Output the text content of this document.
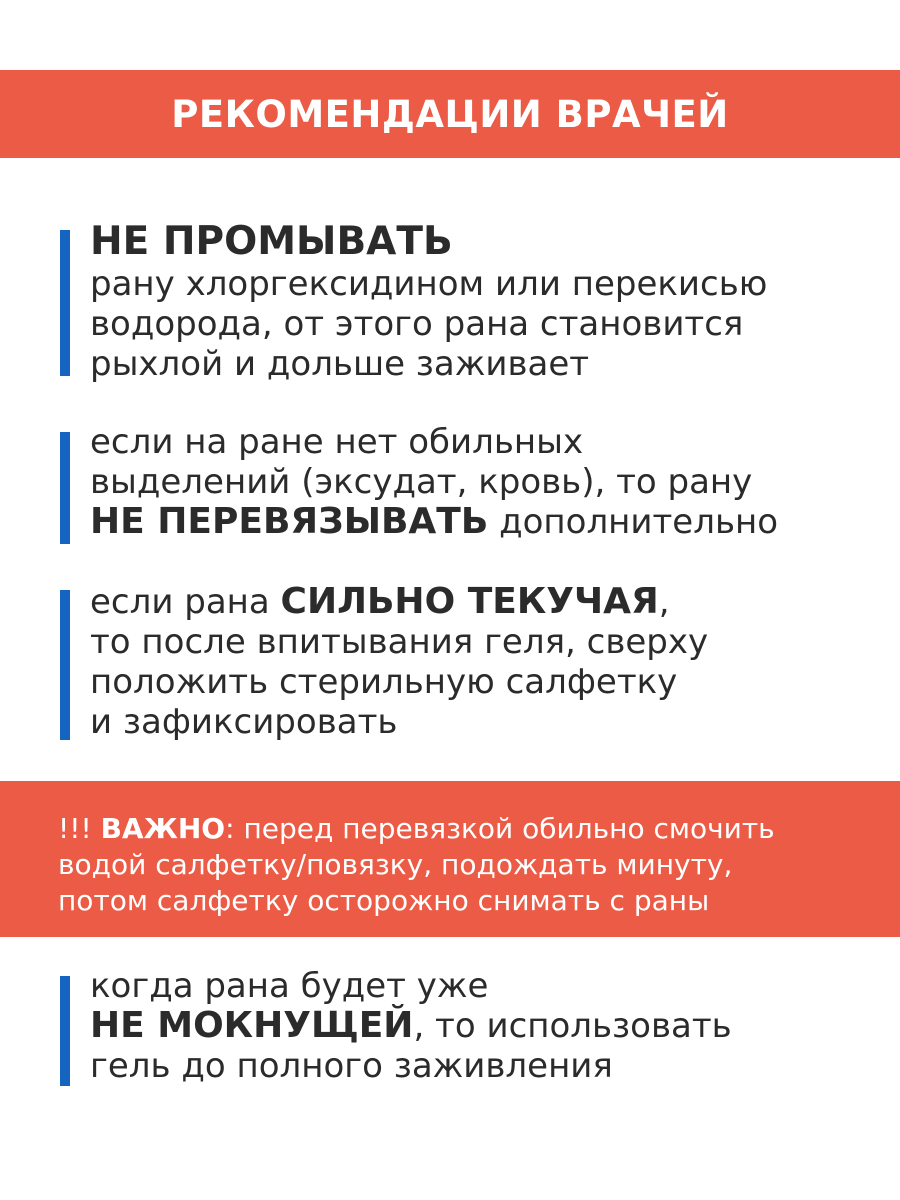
РЕКОМЕНДАЦИИ ВРАЧЕЙ
НЕ ПРОМЫВАТЬ
рану хлоргексидином или перекисью
водорода, от этого рана становится
рыхлой и дольше заживает
если на ране нет обильных
выделений (эксудат, кровь), то рану
НЕ ПЕРЕВЯЗЫВАТЬ дополнительно
если рана СИЛЬНО ТЕКУЧАЯ,
то после впитывания геля, сверху
положить стерильную салфетку
и зафиксировать
!!! ВАЖНО: перед перевязкой обильно смочить
водой салфетку/повязку, подождать минуту,
потом салфетку осторожно снимать с раны
когда рана будет уже
НЕ МОКНУЩЕЙ, то использовать
гель до полного заживления
